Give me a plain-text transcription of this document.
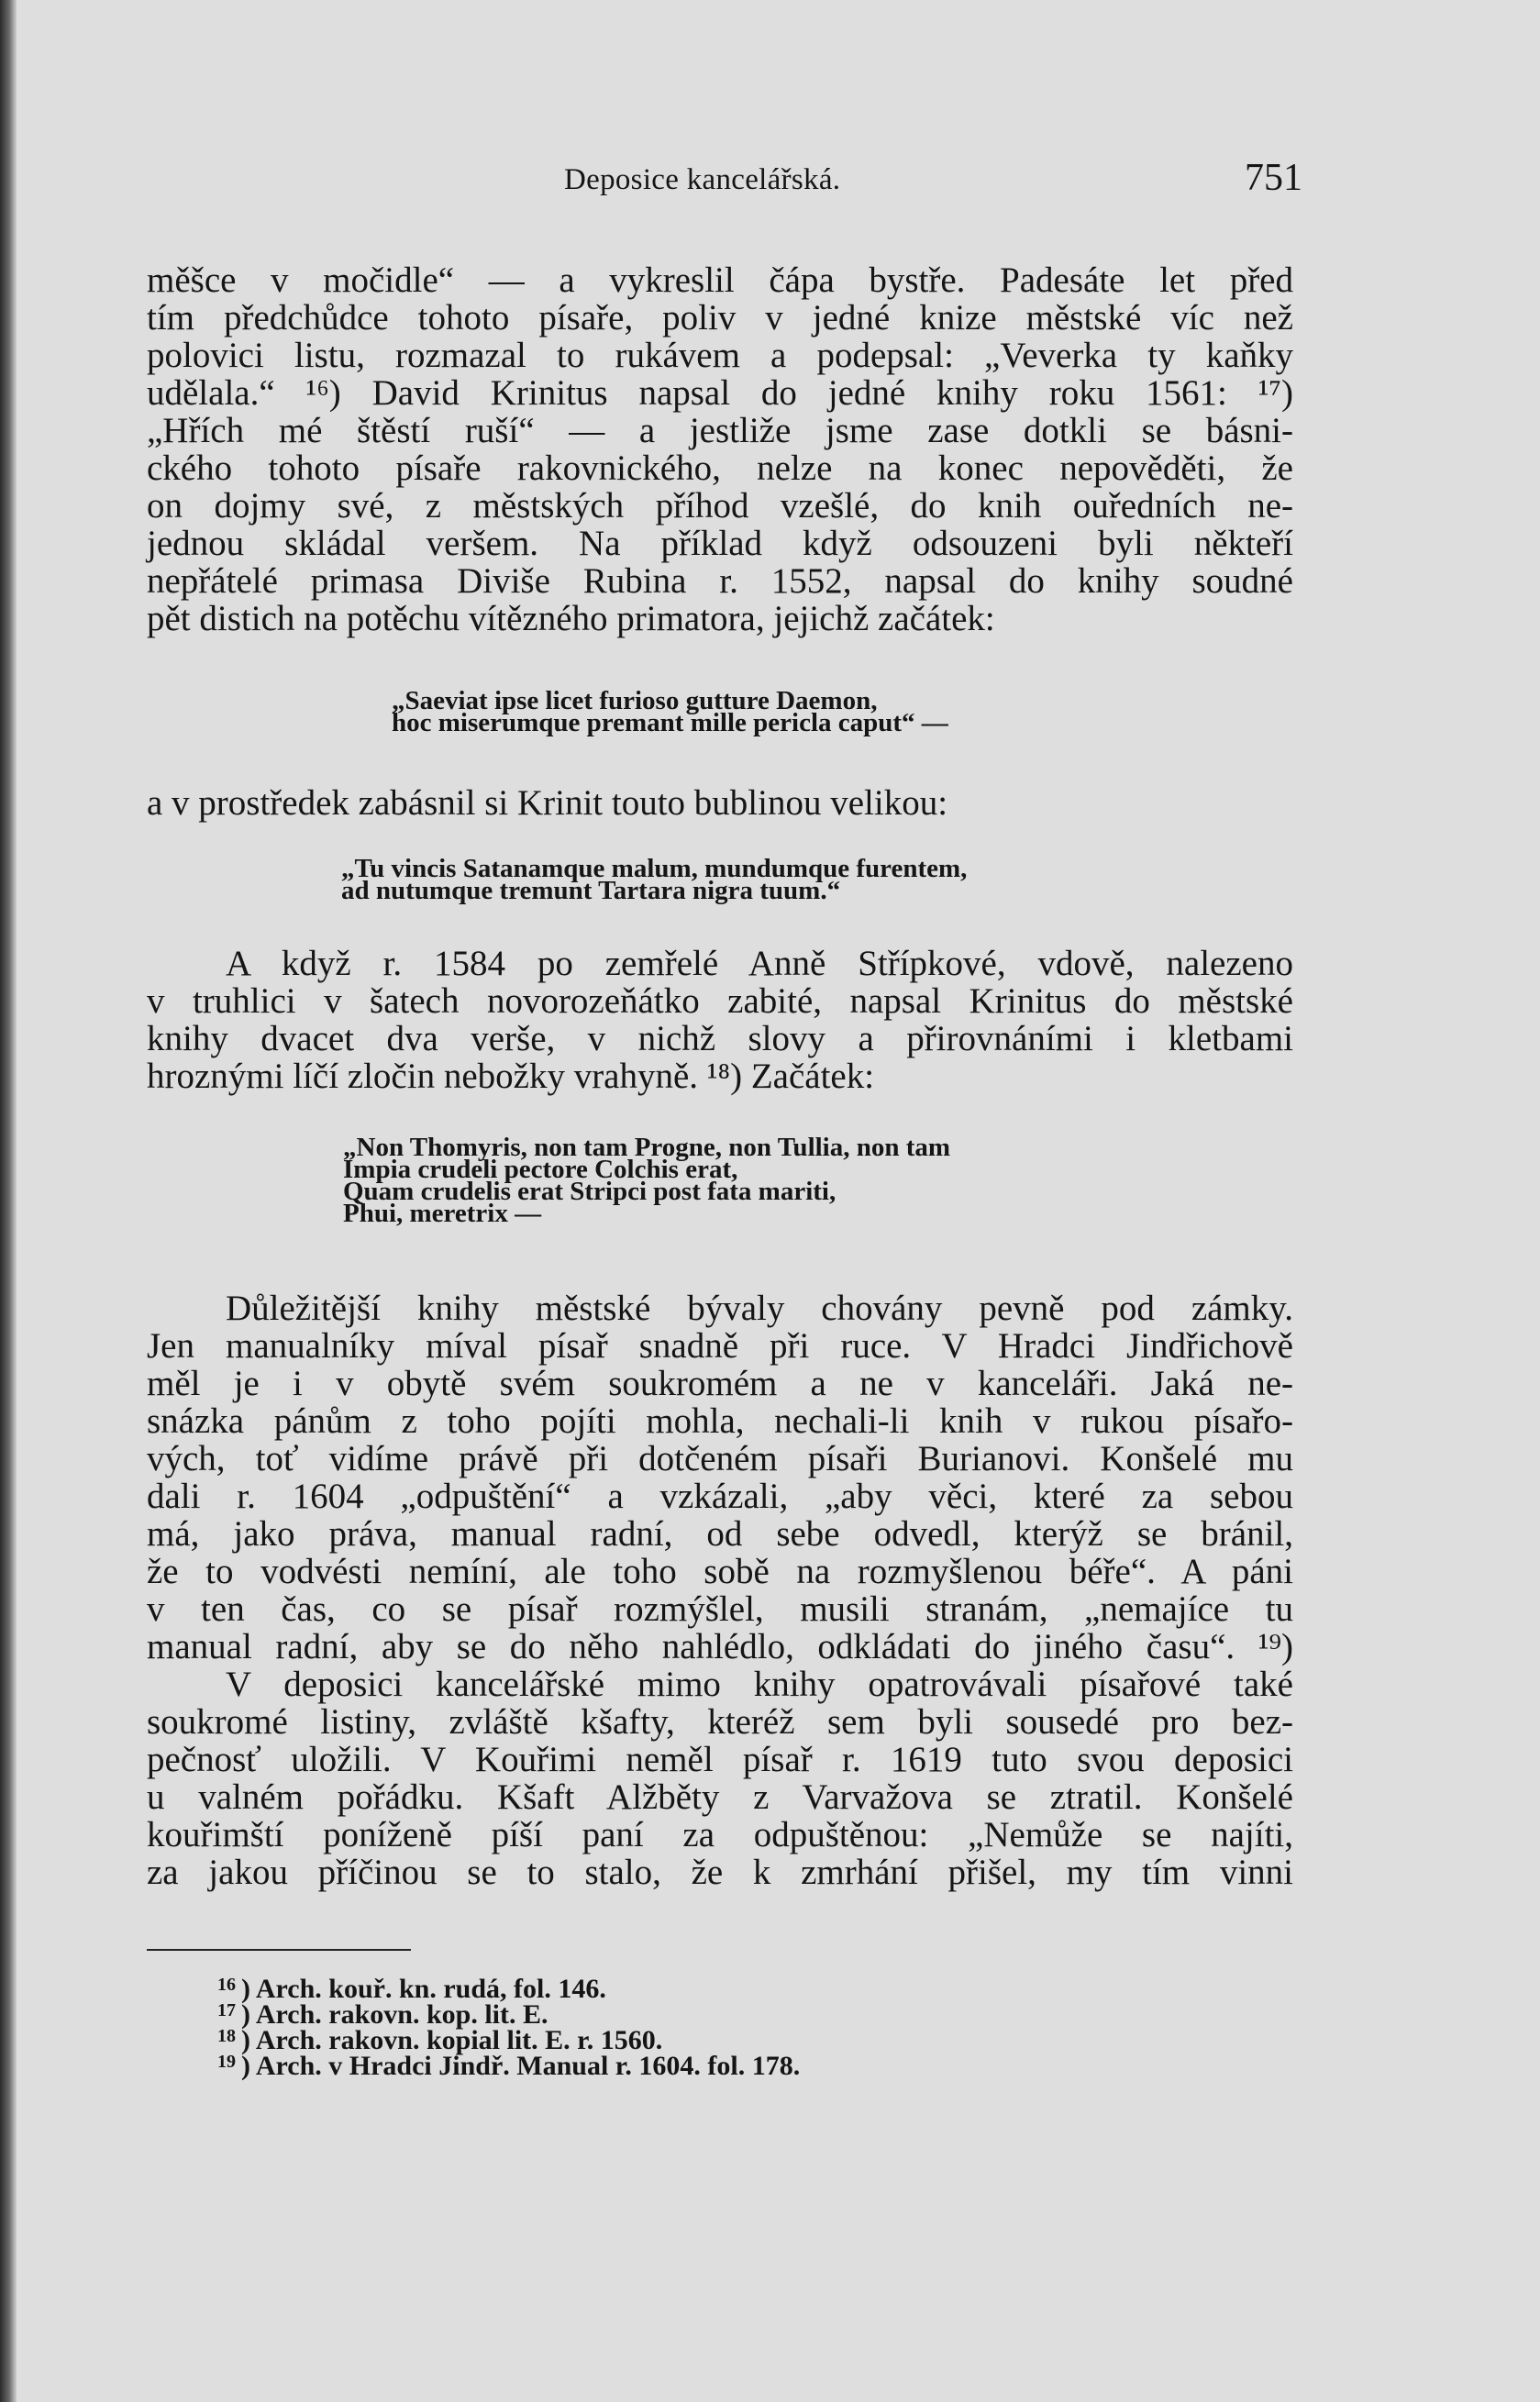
Deposice kancelářská.	751
měšce v močidle“ — a vykreslil čápa bystře. Padesáte let před
tím předchůdce tohoto písaře, poliv v jedné knize městské víc než
polovici listu, rozmazal to rukávem a podepsal: „Veverka ty kaňky
udělala.“ ¹⁶) David Krinitus napsal do jedné knihy roku 1561: ¹⁷)
„Hřích mé štěstí ruší“ — a jestliže jsme zase dotkli se básni-
ckého tohoto písaře rakovnického, nelze na konec nepověděti, že
on dojmy své, z městských příhod vzešlé, do knih ouředních ne-
jednou skládal veršem. Na příklad když odsouzeni byli někteří
nepřátelé primasa Diviše Rubina r. 1552, napsal do knihy soudné
pět distich na potěchu vítězného primatora, jejichž začátek:
„Saeviat ipse licet furioso gutture Daemon,
hoc miserumque premant mille pericla caput“ —
a v prostředek zabásnil si Krinit touto bublinou velikou:
„Tu vincis Satanamque malum, mundumque furentem,
ad nutumque tremunt Tartara nigra tuum.“
A když r. 1584 po zemřelé Anně Střípkové, vdově, nalezeno
v truhlici v šatech novorozeňátko zabité, napsal Krinitus do městské
knihy dvacet dva verše, v nichž slovy a přirovnáními i kletbami
hroznými líčí zločin nebožky vrahyně. ¹⁸) Začátek:
„Non Thomyris, non tam Progne, non Tullia, non tam
Impia crudeli pectore Colchis erat,
Quam crudelis erat Stripci post fata mariti,
Phui, meretrix —
Důležitější knihy městské bývaly chovány pevně pod zámky.
Jen manualníky míval písař snadně při ruce. V Hradci Jindřichově
měl je i v obytě svém soukromém a ne v kanceláři. Jaká ne-
snázka pánům z toho pojíti mohla, nechali-li knih v rukou písařo-
vých, toť vidíme právě při dotčeném písaři Burianovi. Konšelé mu
dali r. 1604 „odpuštění“ a vzkázali, „aby věci, které za sebou
má, jako práva, manual radní, od sebe odvedl, kterýž se bránil,
že to vodvésti nemíní, ale toho sobě na rozmyšlenou béře“. A páni
v ten čas, co se písař rozmýšlel, musili stranám, „nemajíce tu
manual radní, aby se do něho nahlédlo, odkládati do jiného času“. ¹⁹)
V deposici kancelářské mimo knihy opatrovávali písařové také
soukromé listiny, zvláště kšafty, kteréž sem byli sousedé pro bez-
pečnosť uložili. V Kouřimi neměl písař r. 1619 tuto svou deposici
u valném pořádku. Kšaft Alžběty z Varvažova se ztratil. Konšelé
kouřimští poníženě píší paní za odpuštěnou: „Nemůže se najíti,
za jakou příčinou se to stalo, že k zmrhání přišel, my tím vinni
$^{16}$ ) Arch. kouř. kn. rudá, fol. 146.
$^{17}$ ) Arch. rakovn. kop. lit. E.
$^{18}$ ) Arch. rakovn. kopial lit. E. r. 1560.
$^{19}$ ) Arch. v Hradci Jindř. Manual r. 1604. fol. 178.
